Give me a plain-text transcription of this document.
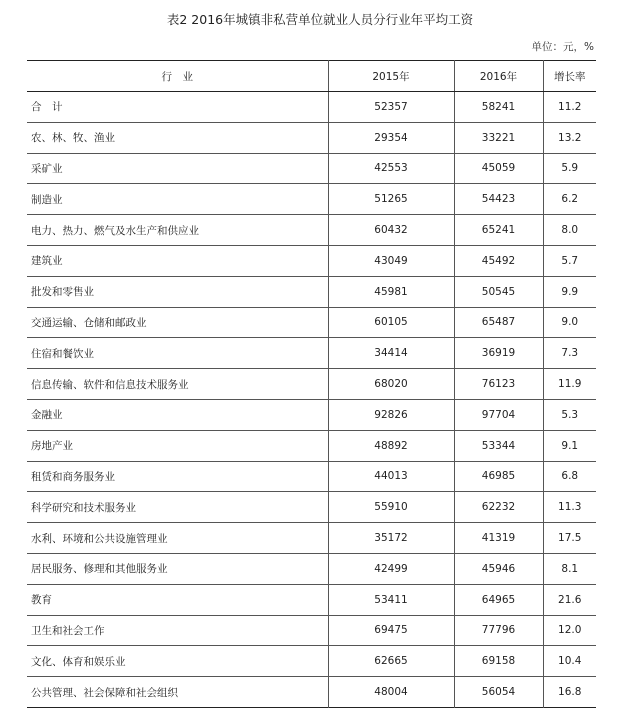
表2 2016年城镇非私营单位就业人员分行业年平均工资
单位：元，%
行　业	2015年	2016年	增长率
合　计	52357	58241	11.2
农、林、牧、渔业	29354	33221	13.2
采矿业	42553	45059	5.9
制造业	51265	54423	6.2
电力、热力、燃气及水生产和供应业	60432	65241	8.0
建筑业	43049	45492	5.7
批发和零售业	45981	50545	9.9
交通运输、仓储和邮政业	60105	65487	9.0
住宿和餐饮业	34414	36919	7.3
信息传输、软件和信息技术服务业	68020	76123	11.9
金融业	92826	97704	5.3
房地产业	48892	53344	9.1
租赁和商务服务业	44013	46985	6.8
科学研究和技术服务业	55910	62232	11.3
水利、环境和公共设施管理业	35172	41319	17.5
居民服务、修理和其他服务业	42499	45946	8.1
教育	53411	64965	21.6
卫生和社会工作	69475	77796	12.0
文化、体育和娱乐业	62665	69158	10.4
公共管理、社会保障和社会组织	48004	56054	16.8
